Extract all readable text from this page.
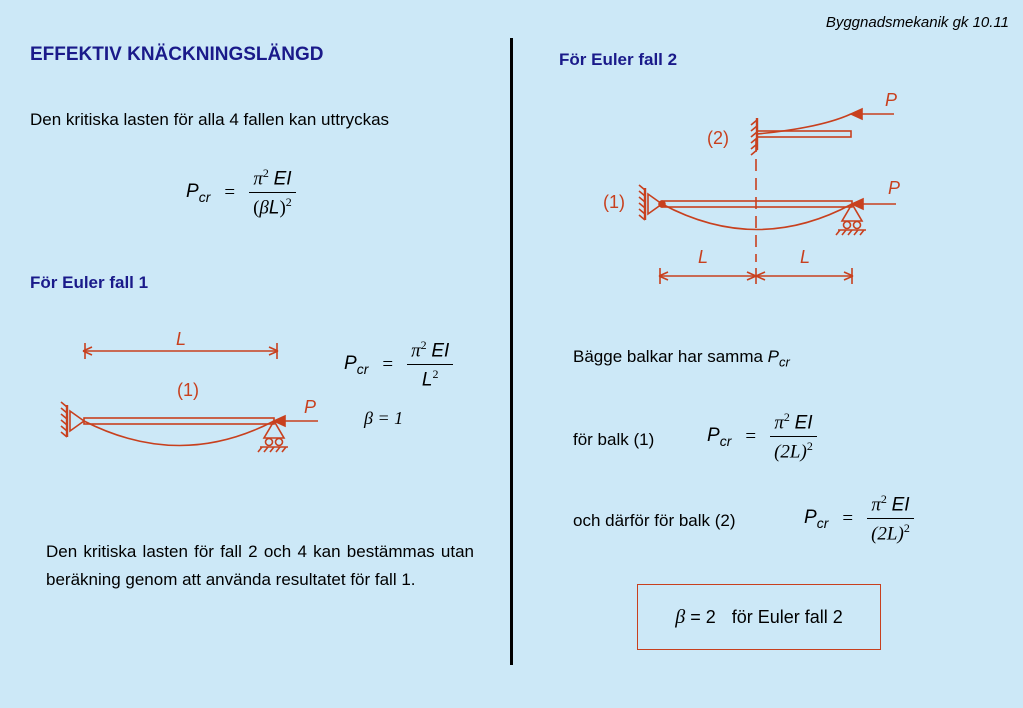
Byggnadsmekanik gk 10.11
EFFEKTIV KNÄCKNINGSLÄNGD
Den kritiska lasten för alla 4 fallen kan uttryckas
$P_{cr} = \frac{\pi^2 EI}{(\beta L)^2}$
För Euler fall 1
$P_{cr} = \frac{\pi^2 EI}{L^2}$
β = 1
Den kritiska lasten för fall 2 och 4 kan bestämmas utan beräkning genom att använda resultatet för fall 1.
För Euler fall 2
Bägge balkar har samma $P_{cr}$
för balk (1)	$P_{cr} = \frac{\pi^2 EI}{(2L)^2}$
och därför för balk (2)	$P_{cr} = \frac{\pi^2 EI}{(2L)^2}$
β = 2 för Euler fall 2
L
(1)
P
(2)
P
(1)
P
L	L
